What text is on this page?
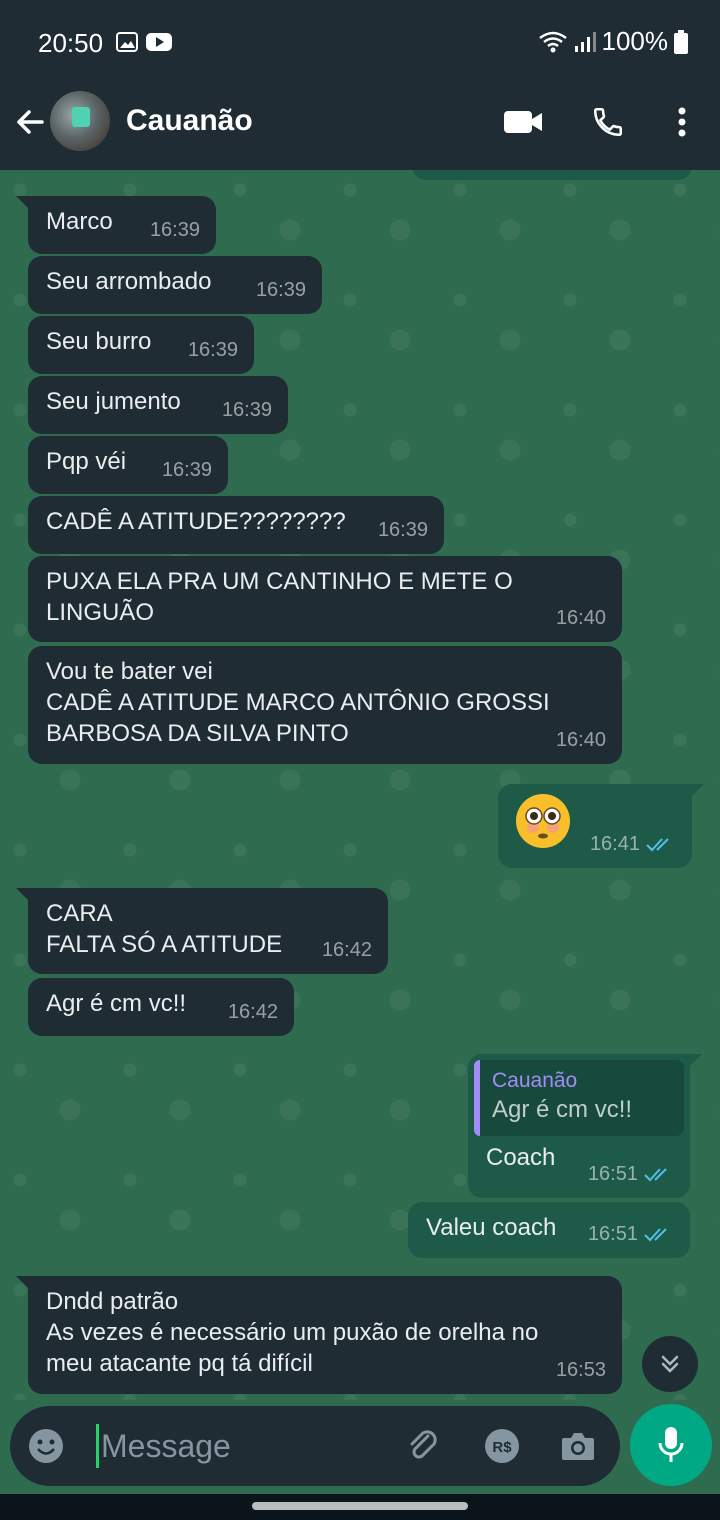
20:50	100%
Cauanão
Marco 16:39
Seu arrombado 16:39
Seu burro 16:39
Seu jumento 16:39
Pqp véi 16:39
CADÊ A ATITUDE???????? 16:39
PUXA ELA PRA UM CANTINHO E METE O
LINGUÃO	16:40
Vou te bater vei
CADÊ A ATITUDE MARCO ANTÔNIO GROSSI
BARBOSA DA SILVA PINTO	16:40
16:41
CARA
FALTA SÓ A ATITUDE 16:42
Agr é cm vc!! 16:42
Cauanão
Agr é cm vc!!
Coach
16:51
Valeu coach 16:51
Dndd patrão
As vezes é necessário um puxão de orelha no
meu atacante pq tá difícil	16:53
Message
R$
